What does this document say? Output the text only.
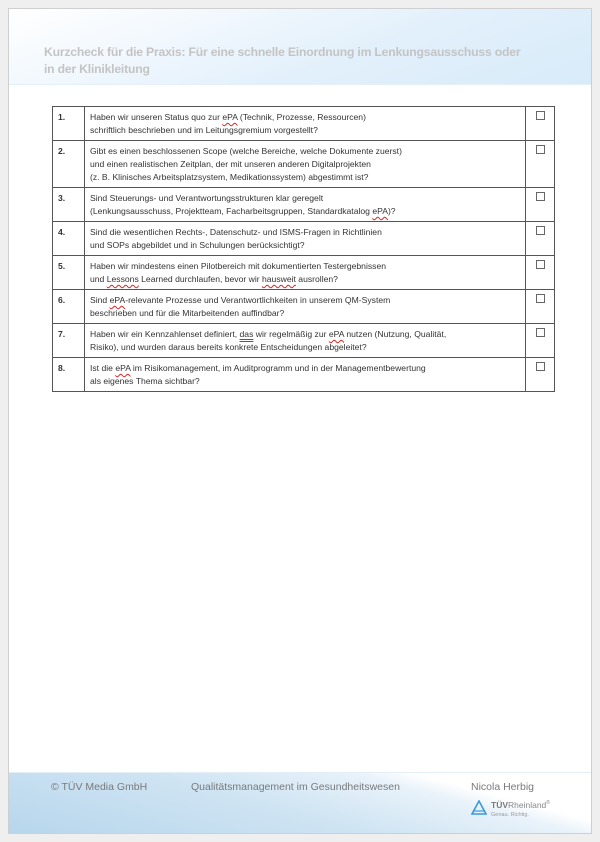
Kurzcheck für die Praxis: Für eine schnelle Einordnung im Lenkungsausschuss oder in der Klinikleitung
1.	Haben wir unseren Status quo zur ePA (Technik, Prozesse, Ressourcen)
schriftlich beschrieben und im Leitungsgremium vorgestellt?	

2.	Gibt es einen beschlossenen Scope (welche Bereiche, welche Dokumente zuerst)
und einen realistischen Zeitplan, der mit unseren anderen Digitalprojekten
(z. B. Klinisches Arbeitsplatzsystem, Medikationssystem) abgestimmt ist?	

3.	Sind Steuerungs- und Verantwortungsstrukturen klar geregelt
(Lenkungsausschuss, Projektteam, Facharbeitsgruppen, Standardkatalog ePA)?	

4.	Sind die wesentlichen Rechts-, Datenschutz- und ISMS-Fragen in Richtlinien
und SOPs abgebildet und in Schulungen berücksichtigt?	

5.	Haben wir mindestens einen Pilotbereich mit dokumentierten Testergebnissen
und Lessons Learned durchlaufen, bevor wir hausweit ausrollen?	

6.	Sind ePA-relevante Prozesse und Verantwortlichkeiten in unserem QM-System
beschrieben und für die Mitarbeitenden auffindbar?	

7.	Haben wir ein Kennzahlenset definiert, das wir regelmäßig zur ePA nutzen (Nutzung, Qualität,
Risiko), und wurden daraus bereits konkrete Entscheidungen abgeleitet?	

8.	Ist die ePA im Risikomanagement, im Auditprogramm und in der Managementbewertung
als eigenes Thema sichtbar?	

© TÜV Media GmbH	Qualitätsmanagement im Gesundheitswesen	Nicola Herbig
TÜVRheinland®
Genau. Richtig.
